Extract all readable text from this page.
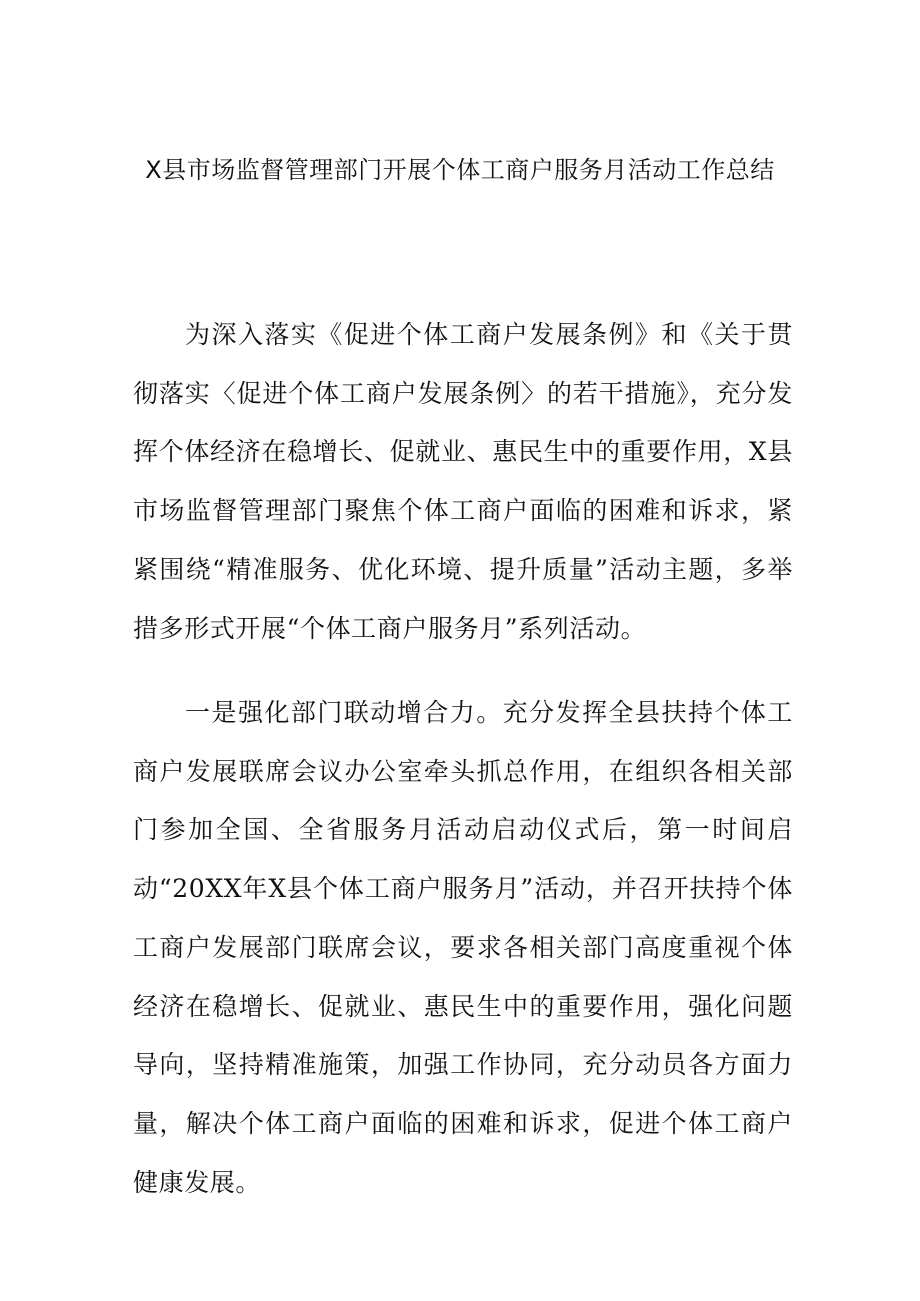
X县市场监督管理部门开展个体工商户服务月活动工作总结

为深入落实《促进个体工商户发展条例》和《关于贯彻落实〈促进个体工商户发展条例〉的若干措施》，充分发挥个体经济在稳增长、促就业、惠民生中的重要作用，X县市场监督管理部门聚焦个体工商户面临的困难和诉求，紧紧围绕“精准服务、优化环境、提升质量”活动主题，多举措多形式开展“个体工商户服务月”系列活动。

一是强化部门联动增合力。充分发挥全县扶持个体工商户发展联席会议办公室牵头抓总作用，在组织各相关部门参加全国、全省服务月活动启动仪式后，第一时间启动“20XX年X县个体工商户服务月”活动，并召开扶持个体工商户发展部门联席会议，要求各相关部门高度重视个体经济在稳增长、促就业、惠民生中的重要作用，强化问题导向，坚持精准施策，加强工作协同，充分动员各方面力量，解决个体工商户面临的困难和诉求，促进个体工商户健康发展。
